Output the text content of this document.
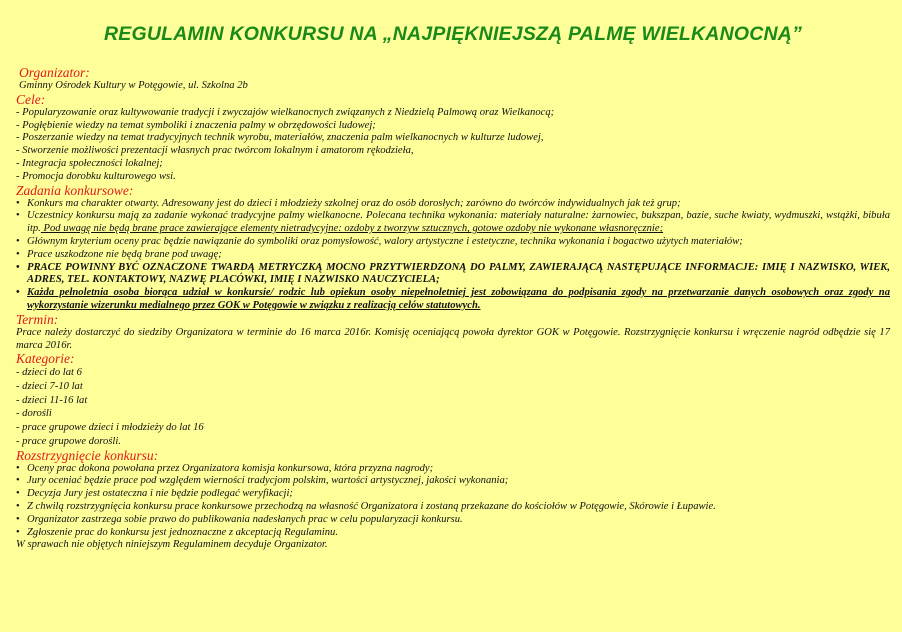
REGULAMIN KONKURSU NA „NAJPIĘKNIEJSZĄ PALMĘ WIELKANOCNĄ”

Organizator:

Gminny Ośrodek Kultury w Potęgowie, ul. Szkolna 2b

Cele:

- Popularyzowanie oraz kultywowanie tradycji i zwyczajów wielkanocnych związanych z Niedzielą Palmową oraz Wielkanocą;

- Pogłębienie wiedzy na temat symboliki i znaczenia palmy w obrzędowości ludowej;

- Poszerzanie wiedzy na temat tradycyjnych technik wyrobu, materiałów, znaczenia palm wielkanocnych w kulturze ludowej,

- Stworzenie możliwości prezentacji własnych prac twórcom lokalnym i amatorom rękodzieła,

- Integracja społeczności lokalnej;

- Promocja dorobku kulturowego wsi.

Zadania konkursowe:

• Konkurs ma charakter otwarty. Adresowany jest do dzieci i młodzieży szkolnej oraz do osób dorosłych; zarówno do twórców indywidualnych jak też grup;
• Uczestnicy konkursu mają za zadanie wykonać tradycyjne palmy wielkanocne. Polecana technika wykonania: materiały naturalne: żarnowiec, bukszpan, bazie, suche kwiaty, wydmuszki, wstążki, bibuła itp. Pod uwagę nie będą brane prace zawierające elementy nietradycyjne: ozdoby z tworzyw sztucznych, gotowe ozdoby nie wykonane własnoręcznie;
• Głównym kryterium oceny prac będzie nawiązanie do symboliki oraz pomysłowość, walory artystyczne i estetyczne, technika wykonania i bogactwo użytych materiałów;
• Prace uszkodzone nie będą brane pod uwagę;
• PRACE POWINNY BYĆ OZNACZONE TWARDĄ METRYCZKĄ MOCNO PRZYTWIERDZONĄ DO PALMY, ZAWIERAJĄCĄ NASTĘPUJĄCE INFORMACJE: IMIĘ I NAZWISKO, WIEK, ADRES, TEL. KONTAKTOWY, NAZWĘ PLACÓWKI, IMIĘ I NAZWISKO NAUCZYCIELA;
• Każda pełnoletnia osoba biorąca udział w konkursie/ rodzic lub opiekun osoby niepełnoletniej jest zobowiązana do podpisania zgody na przetwarzanie danych osobowych oraz zgody na wykorzystanie wizerunku medialnego przez GOK w Potęgowie w związku z realizacją celów statutowych.

Termin:

Prace należy dostarczyć do siedziby Organizatora w terminie do 16 marca 2016r. Komisję oceniającą powoła dyrektor GOK w Potęgowie. Rozstrzygnięcie konkursu i wręczenie nagród odbędzie się 17 marca 2016r.

Kategorie:

- dzieci do lat 6
- dzieci 7-10 lat
- dzieci 11-16 lat
- dorośli
- prace grupowe dzieci i młodzieży do lat 16
- prace grupowe dorośli.

Rozstrzygnięcie konkursu:

• Oceny prac dokona powołana przez Organizatora komisja konkursowa, która przyzna nagrody;
• Jury oceniać będzie prace pod względem wierności tradycjom polskim, wartości artystycznej, jakości wykonania;
• Decyzja Jury jest ostateczna i nie będzie podlegać weryfikacji;
• Z chwilą rozstrzygnięcia konkursu prace konkursowe przechodzą na własność Organizatora i zostaną przekazane do kościołów w Potęgowie, Skórowie i Łupawie.
• Organizator zastrzega sobie prawo do publikowania nadesłanych prac w celu popularyzacji konkursu.
• Zgłoszenie prac do konkursu jest jednoznaczne z akceptacją Regulaminu.

W sprawach nie objętych niniejszym Regulaminem decyduje Organizator.
